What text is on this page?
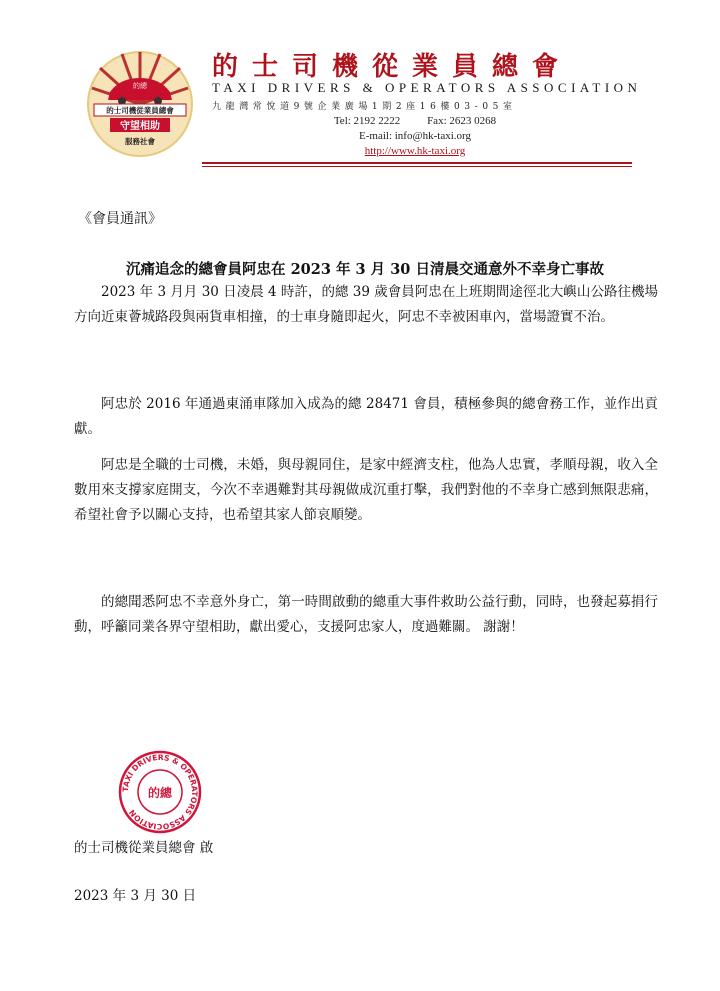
的總
的士司機從業員總會
守望相助
服務社會
的士司機從業員總會
TAXI DRIVERS & OPERATORS ASSOCIATION
九龍灣常悅道9號企業廣場1期2座16樓03-05室
Tel: 2192 2222 Fax: 2623 0268
E-mail: info@hk-taxi.org
http://www.hk-taxi.org
《會員通訊》
沉痛追念的總會員阿忠在 2023 年 3 月 30 日清晨交通意外不幸身亡事故

2023 年 3 月月 30 日凌晨 4 時許，的總 39 歲會員阿忠在上班期間途徑北大嶼山公路往機場方向近東薈城路段與兩貨車相撞，的士車身隨即起火，阿忠不幸被困車內，當場證實不治。

阿忠於 2016 年通過東涌車隊加入成為的總 28471 會員，積極參與的總會務工作，並作出貢獻。

阿忠是全職的士司機，未婚，與母親同住，是家中經濟支柱，他為人忠實，孝順母親，收入全數用來支撐家庭開支，今次不幸遇難對其母親做成沉重打擊，我們對他的不幸身亡感到無限悲痛，希望社會予以關心支持，也希望其家人節哀順變。

的總聞悉阿忠不幸意外身亡，第一時間啟動的總重大事件救助公益行動，同時，也發起募捐行動，呼籲同業各界守望相助，獻出愛心，支援阿忠家人，度過難關。 謝謝！

TAXI DRIVERS & OPERATORS ASSOCIATION
的總
的士司機從業員總會 啟
2023 年 3 月 30 日
